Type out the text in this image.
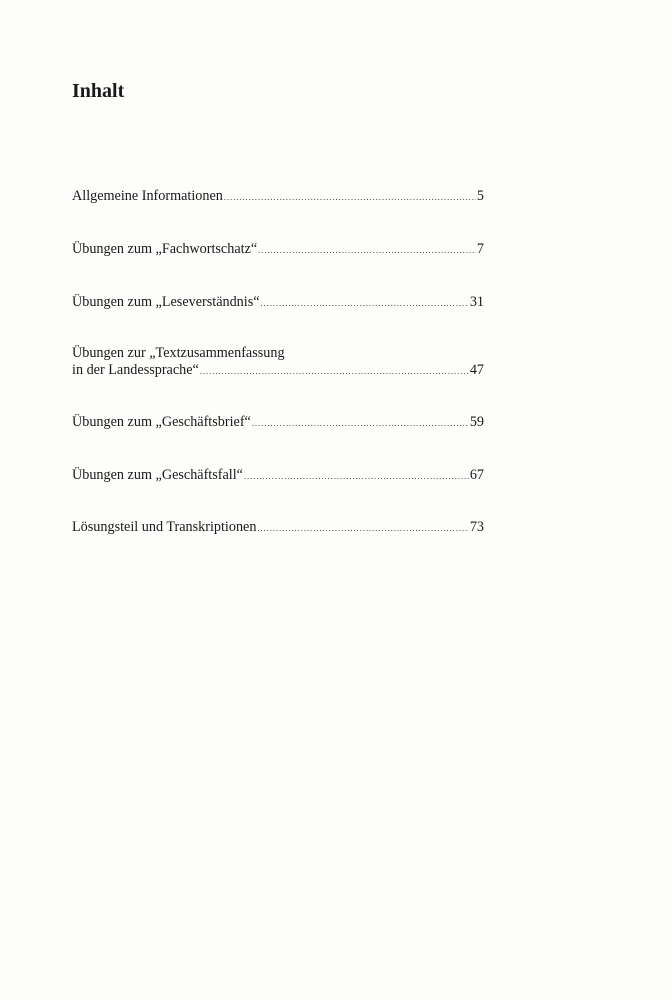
Inhalt
Allgemeine Informationen .....	5
Übungen zum „Fachwortschatz“ .....	7
Übungen zum „Leseverständnis“ .....	31
Übungen zur „Textzusammenfassung
in der Landessprache“ .....	47
Übungen zum „Geschäftsbrief“ .....	59
Übungen zum „Geschäftsfall“ .....	67
Lösungsteil und Transkriptionen .....	73
